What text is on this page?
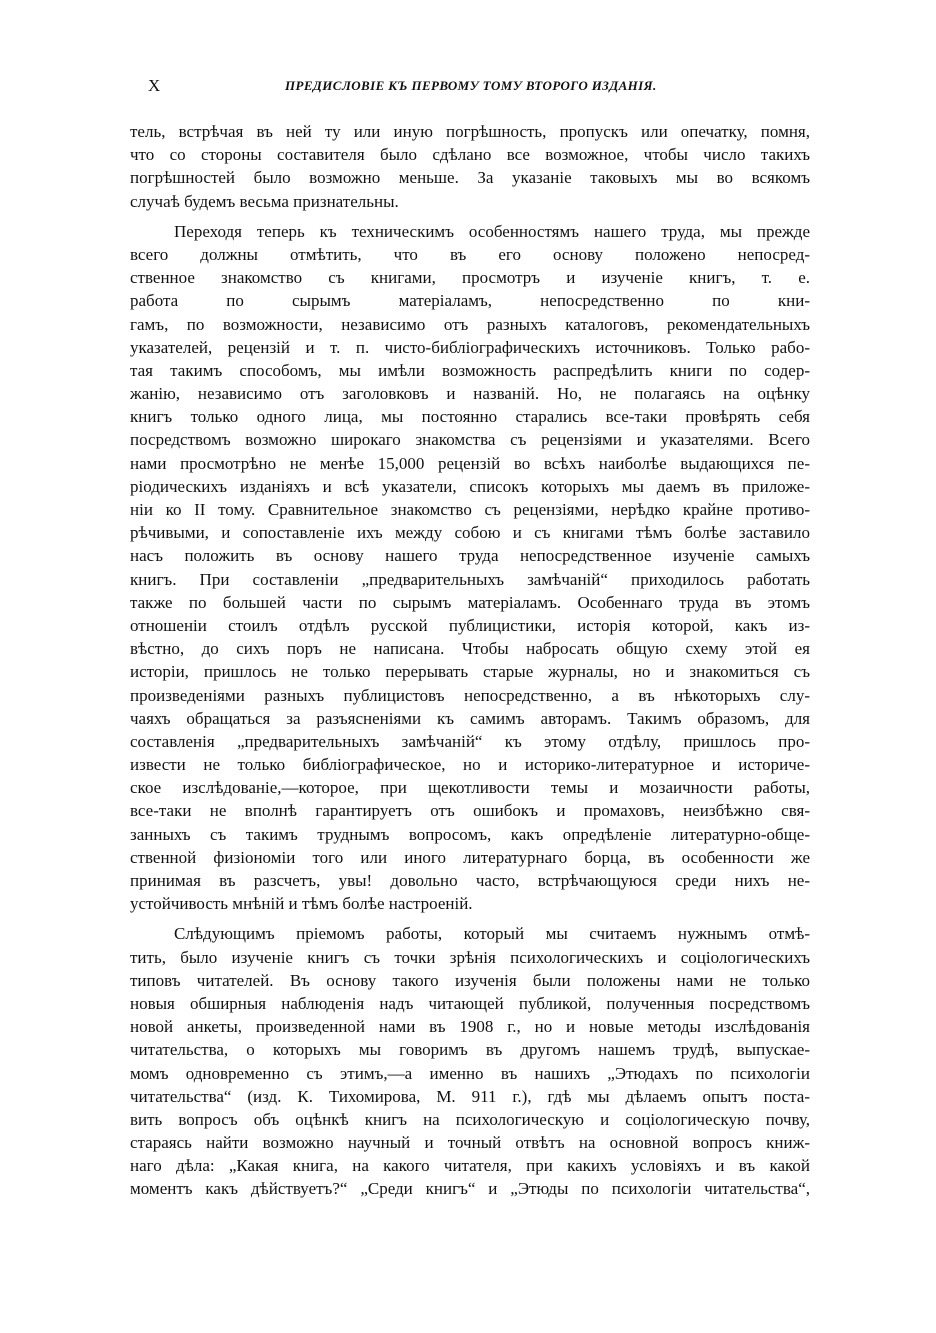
X	ПРЕДИСЛОВІЕ КЪ ПЕРВОМУ ТОМУ ВТОРОГО ИЗДАНІЯ.
тель, встрѣчая въ ней ту или иную погрѣшность, пропускъ или опечатку, помня,
что со стороны составителя было сдѣлано все возможное, чтобы число такихъ
погрѣшностей было возможно меньше. За указаніе таковыхъ мы во всякомъ
случаѣ будемъ весьма признательны.
Переходя теперь къ техническимъ особенностямъ нашего труда, мы прежде
всего должны отмѣтить, что въ его основу положено непосред-
ственное знакомство съ книгами, просмотръ и изученіе книгъ, т. е.
работа по сырымъ матеріаламъ, непосредственно по кни-
гамъ, по возможности, независимо отъ разныхъ каталоговъ, рекомендательныхъ
указателей, рецензій и т. п. чисто-библіографическихъ источниковъ. Только рабо-
тая такимъ способомъ, мы имѣли возможность распредѣлить книги по содер-
жанію, независимо отъ заголовковъ и названій. Но, не полагаясь на оцѣнку
книгъ только одного лица, мы постоянно старались все-таки провѣрять себя
посредствомъ возможно широкаго знакомства съ рецензіями и указателями. Всего
нами просмотрѣно не менѣе 15,000 рецензій во всѣхъ наиболѣе выдающихся пе-
ріодическихъ изданіяхъ и всѣ указатели, списокъ которыхъ мы даемъ въ приложе-
ніи ко II тому. Сравнительное знакомство съ рецензіями, нерѣдко крайне противо-
рѣчивыми, и сопоставленіе ихъ между собою и съ книгами тѣмъ болѣе заставило
насъ положить въ основу нашего труда непосредственное изученіе самыхъ
книгъ. При составленіи „предварительныхъ замѣчаній“ приходилось работать
также по большей части по сырымъ матеріаламъ. Особеннаго труда въ этомъ
отношеніи стоилъ отдѣлъ русской публицистики, исторія которой, какъ из-
вѣстно, до сихъ поръ не написана. Чтобы набросать общую схему этой ея
исторіи, пришлось не только перерывать старые журналы, но и знакомиться съ
произведеніями разныхъ публицистовъ непосредственно, а въ нѣкоторыхъ слу-
чаяхъ обращаться за разъясненіями къ самимъ авторамъ. Такимъ образомъ, для
составленія „предварительныхъ замѣчаній“ къ этому отдѣлу, пришлось про-
извести не только библіографическое, но и историко-литературное и историче-
ское изслѣдованіе,—которое, при щекотливости темы и мозаичности работы,
все-таки не вполнѣ гарантируетъ отъ ошибокъ и промаховъ, неизбѣжно свя-
занныхъ съ такимъ труднымъ вопросомъ, какъ опредѣленіе литературно-обще-
ственной физіономіи того или иного литературнаго борца, въ особенности же
принимая въ разсчетъ, увы! довольно часто, встрѣчающуюся среди нихъ не-
устойчивость мнѣній и тѣмъ болѣе настроеній.
Слѣдующимъ пріемомъ работы, который мы считаемъ нужнымъ отмѣ-
тить, было изученіе книгъ съ точки зрѣнія психологическихъ и соціологическихъ
типовъ читателей. Въ основу такого изученія были положены нами не только
новыя обширныя наблюденія надъ читающей публикой, полученныя посредствомъ
новой анкеты, произведенной нами въ 1908 г., но и новые методы изслѣдованія
читательства, о которыхъ мы говоримъ въ другомъ нашемъ трудѣ, выпускае-
момъ одновременно съ этимъ,—а именно въ нашихъ „Этюдахъ по психологіи
читательства“ (изд. К. Тихомирова, М. 911 г.), гдѣ мы дѣлаемъ опытъ поста-
вить вопросъ объ оцѣнкѣ книгъ на психологическую и соціологическую почву,
стараясь найти возможно научный и точный отвѣтъ на основной вопросъ книж-
наго дѣла: „Какая книга, на какого читателя, при какихъ условіяхъ и въ какой
моментъ какъ дѣйствуетъ?“ „Среди книгъ“ и „Этюды по психологіи читательства“,
